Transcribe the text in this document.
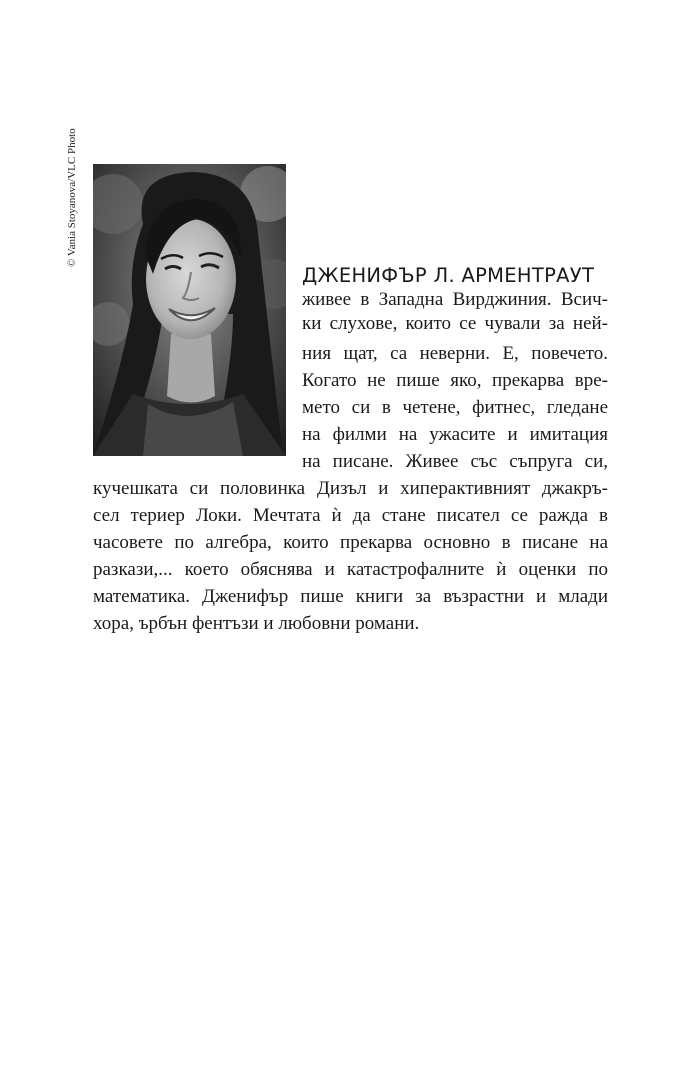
© Vania Stoyanova/VLC Photo
ДЖЕНИФЪР Л. АРМЕНТРАУТ
живее в Западна Вирджиния. Всич-
ки слухове, които се чували за ней-
ния щат, са неверни. Е, повечето.
Когато не пише яко, прекарва вре-
мето си в четене, фитнес, гледане
на филми на ужасите и имитация
на писане. Живее със съпруга си,
кучешката си половинка Дизъл и хиперактивният джакръ-
сел териер Локи. Мечтата ѝ да стане писател се ражда в
часовете по алгебра, които прекарва основно в писане на
разкази,... което обяснява и катастрофалните ѝ оценки по
математика. Дженифър пише книги за възрастни и млади
хора, ърбън фентъзи и любовни романи.
